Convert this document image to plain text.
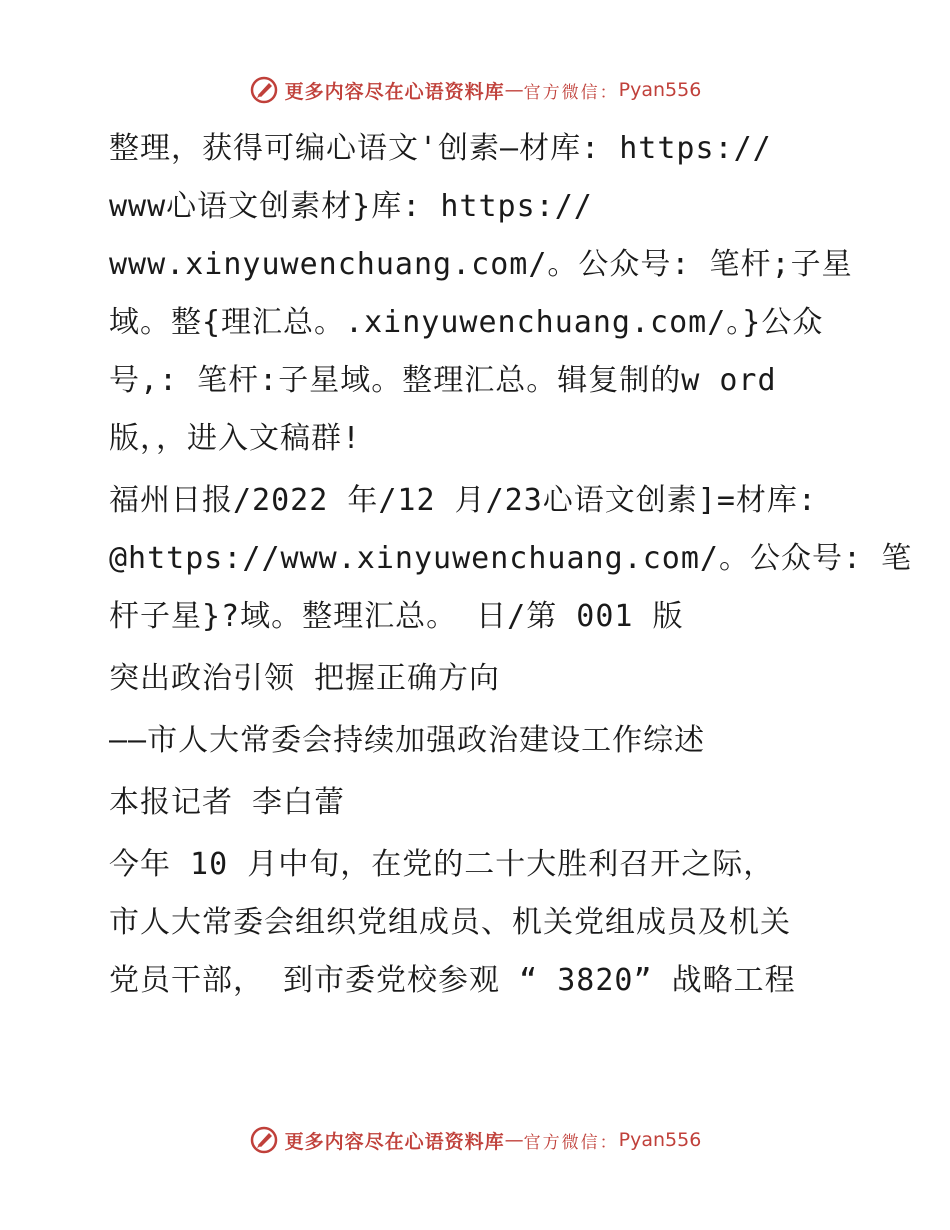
更多内容尽在心语资料库 — 官方微信： Pyan556
整理，获得可编心语文'创素—材库: https://
www心语文创素材}库: https://
www.xinyuwenchuang.com/。公众号: 笔杆;子星
域。整{理汇总。.xinyuwenchuang.com/。}公众
号,: 笔杆:子星域。整理汇总。辑复制的w ord
版，，进入文稿群!
福州日报/2022 年/12 月/23心语文创素]=材库:
@https://www.xinyuwenchuang.com/。公众号: 笔
杆子星}?域。整理汇总。 日/第 001 版
突出政治引领 把握正确方向
——市人大常委会持续加强政治建设工作综述
本报记者 李白蕾
今年 10 月中旬，在党的二十大胜利召开之际，
市人大常委会组织党组成员、机关党组成员及机关
党员干部， 到市委党校参观 “ 3820” 战略工程
更多内容尽在心语资料库 — 官方微信： Pyan556
